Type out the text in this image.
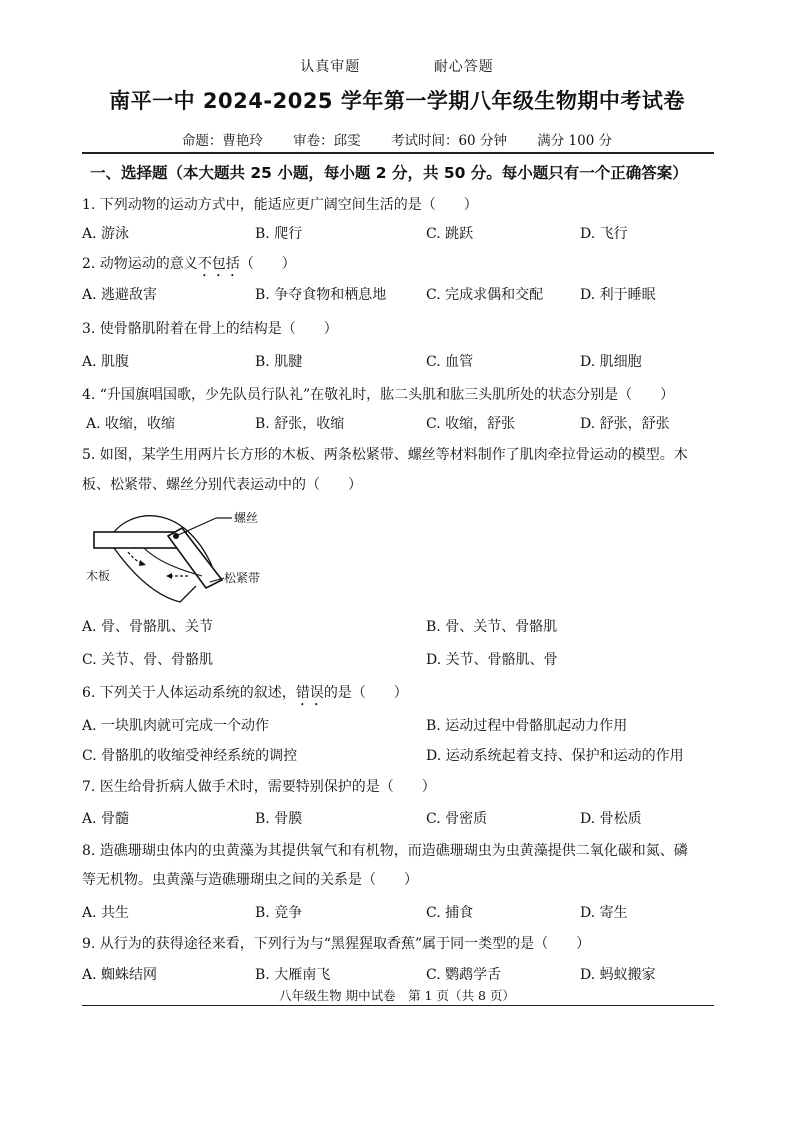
认真审题	耐心答题
南平一中 2024-2025 学年第一学期八年级生物期中考试卷
命题：曹艳玲 审卷：邱雯 考试时间：60 分钟 满分 100 分
一、选择题（本大题共 25 小题，每小题 2 分，共 50 分。每小题只有一个正确答案）
1. 下列动物的运动方式中，能适应更广阔空间生活的是（　　）
A. 游泳	B. 爬行	C. 跳跃	D. 飞行
2. 动物运动的意义不包括（　　）
A. 逃避敌害	B. 争夺食物和栖息地	C. 完成求偶和交配	D. 利于睡眠
3. 使骨骼肌附着在骨上的结构是（　　）
A. 肌腹	B. 肌腱	C. 血管	D. 肌细胞
4. “升国旗唱国歌，少先队员行队礼”在敬礼时，肱二头肌和肱三头肌所处的状态分别是（　　）
A. 收缩，收缩	B. 舒张，收缩	C. 收缩，舒张	D. 舒张，舒张
5. 如图，某学生用两片长方形的木板、两条松紧带、螺丝等材料制作了肌肉牵拉骨运动的模型。木
板、松紧带、螺丝分别代表运动中的（　　）
螺丝
木板	松紧带
A. 骨、骨骼肌、关节	B. 骨、关节、骨骼肌
C. 关节、骨、骨骼肌	D. 关节、骨骼肌、骨
6. 下列关于人体运动系统的叙述，错误的是（　　）
A. 一块肌肉就可完成一个动作	B. 运动过程中骨骼肌起动力作用
C. 骨骼肌的收缩受神经系统的调控	D. 运动系统起着支持、保护和运动的作用
7. 医生给骨折病人做手术时，需要特别保护的是（　　）
A. 骨髓	B. 骨膜	C. 骨密质	D. 骨松质
8. 造礁珊瑚虫体内的虫黄藻为其提供氧气和有机物，而造礁珊瑚虫为虫黄藻提供二氧化碳和氮、磷
等无机物。虫黄藻与造礁珊瑚虫之间的关系是（　　）
A. 共生	B. 竞争	C. 捕食	D. 寄生
9. 从行为的获得途径来看，下列行为与“黑猩猩取香蕉”属于同一类型的是（　　）
A. 蜘蛛结网	B. 大雁南飞	C. 鹦鹉学舌	D. 蚂蚁搬家
八年级生物 期中试卷　第 1 页（共 8 页）
